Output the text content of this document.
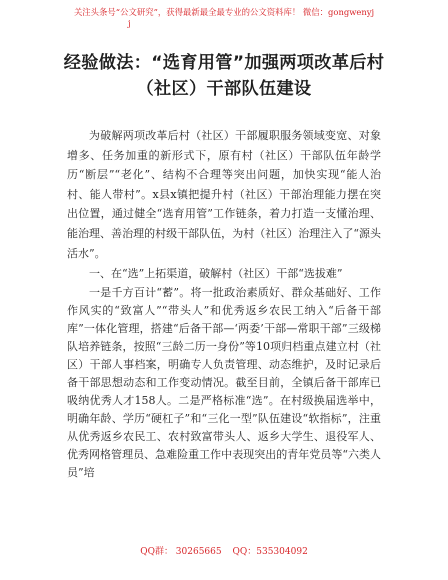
关注头条号“公文研究”，获得最新最全最专业的公文资料库！ 微信：gongwenyj
j
经验做法：“选育用管”加强两项改革后村
（社区）干部队伍建设

为破解两项改革后村（社区）干部履职服务领域变宽、对象增多、任务加重的新形式下，原有村（社区）干部队伍年龄学历“断层”“老化”、结构不合理等突出问题，加快实现“能人治村、能人带村”。x县x镇把提升村（社区）干部治理能力摆在突出位置，通过健全“选育用管”工作链条，着力打造一支懂治理、能治理、善治理的村级干部队伍，为村（社区）治理注入了“源头活水”。

一、在“选”上拓渠道，破解村（社区）干部“选拔难”

一是千方百计“蓄”。将一批政治素质好、群众基础好、工作作风实的“致富人”“带头人”和优秀返乡农民工纳入“后备干部库”一体化管理，搭建“后备干部—‘两委’干部—常职干部”三级梯队培养链条，按照“三龄二历一身份”等10项归档重点建立村（社区）干部人事档案，明确专人负责管理、动态维护，及时记录后备干部思想动态和工作变动情况。截至目前，全镇后备干部库已吸纳优秀人才158人。二是严格标准“选”。在村级换届选举中，明确年龄、学历“硬杠子”和“三化一型”队伍建设“软指标”，注重从优秀返乡农民工、农村致富带头人、返乡大学生、退役军人、优秀网格管理员、急难险重工作中表现突出的青年党员等“六类人员”培

QQ群： 30265665 QQ：535304092
